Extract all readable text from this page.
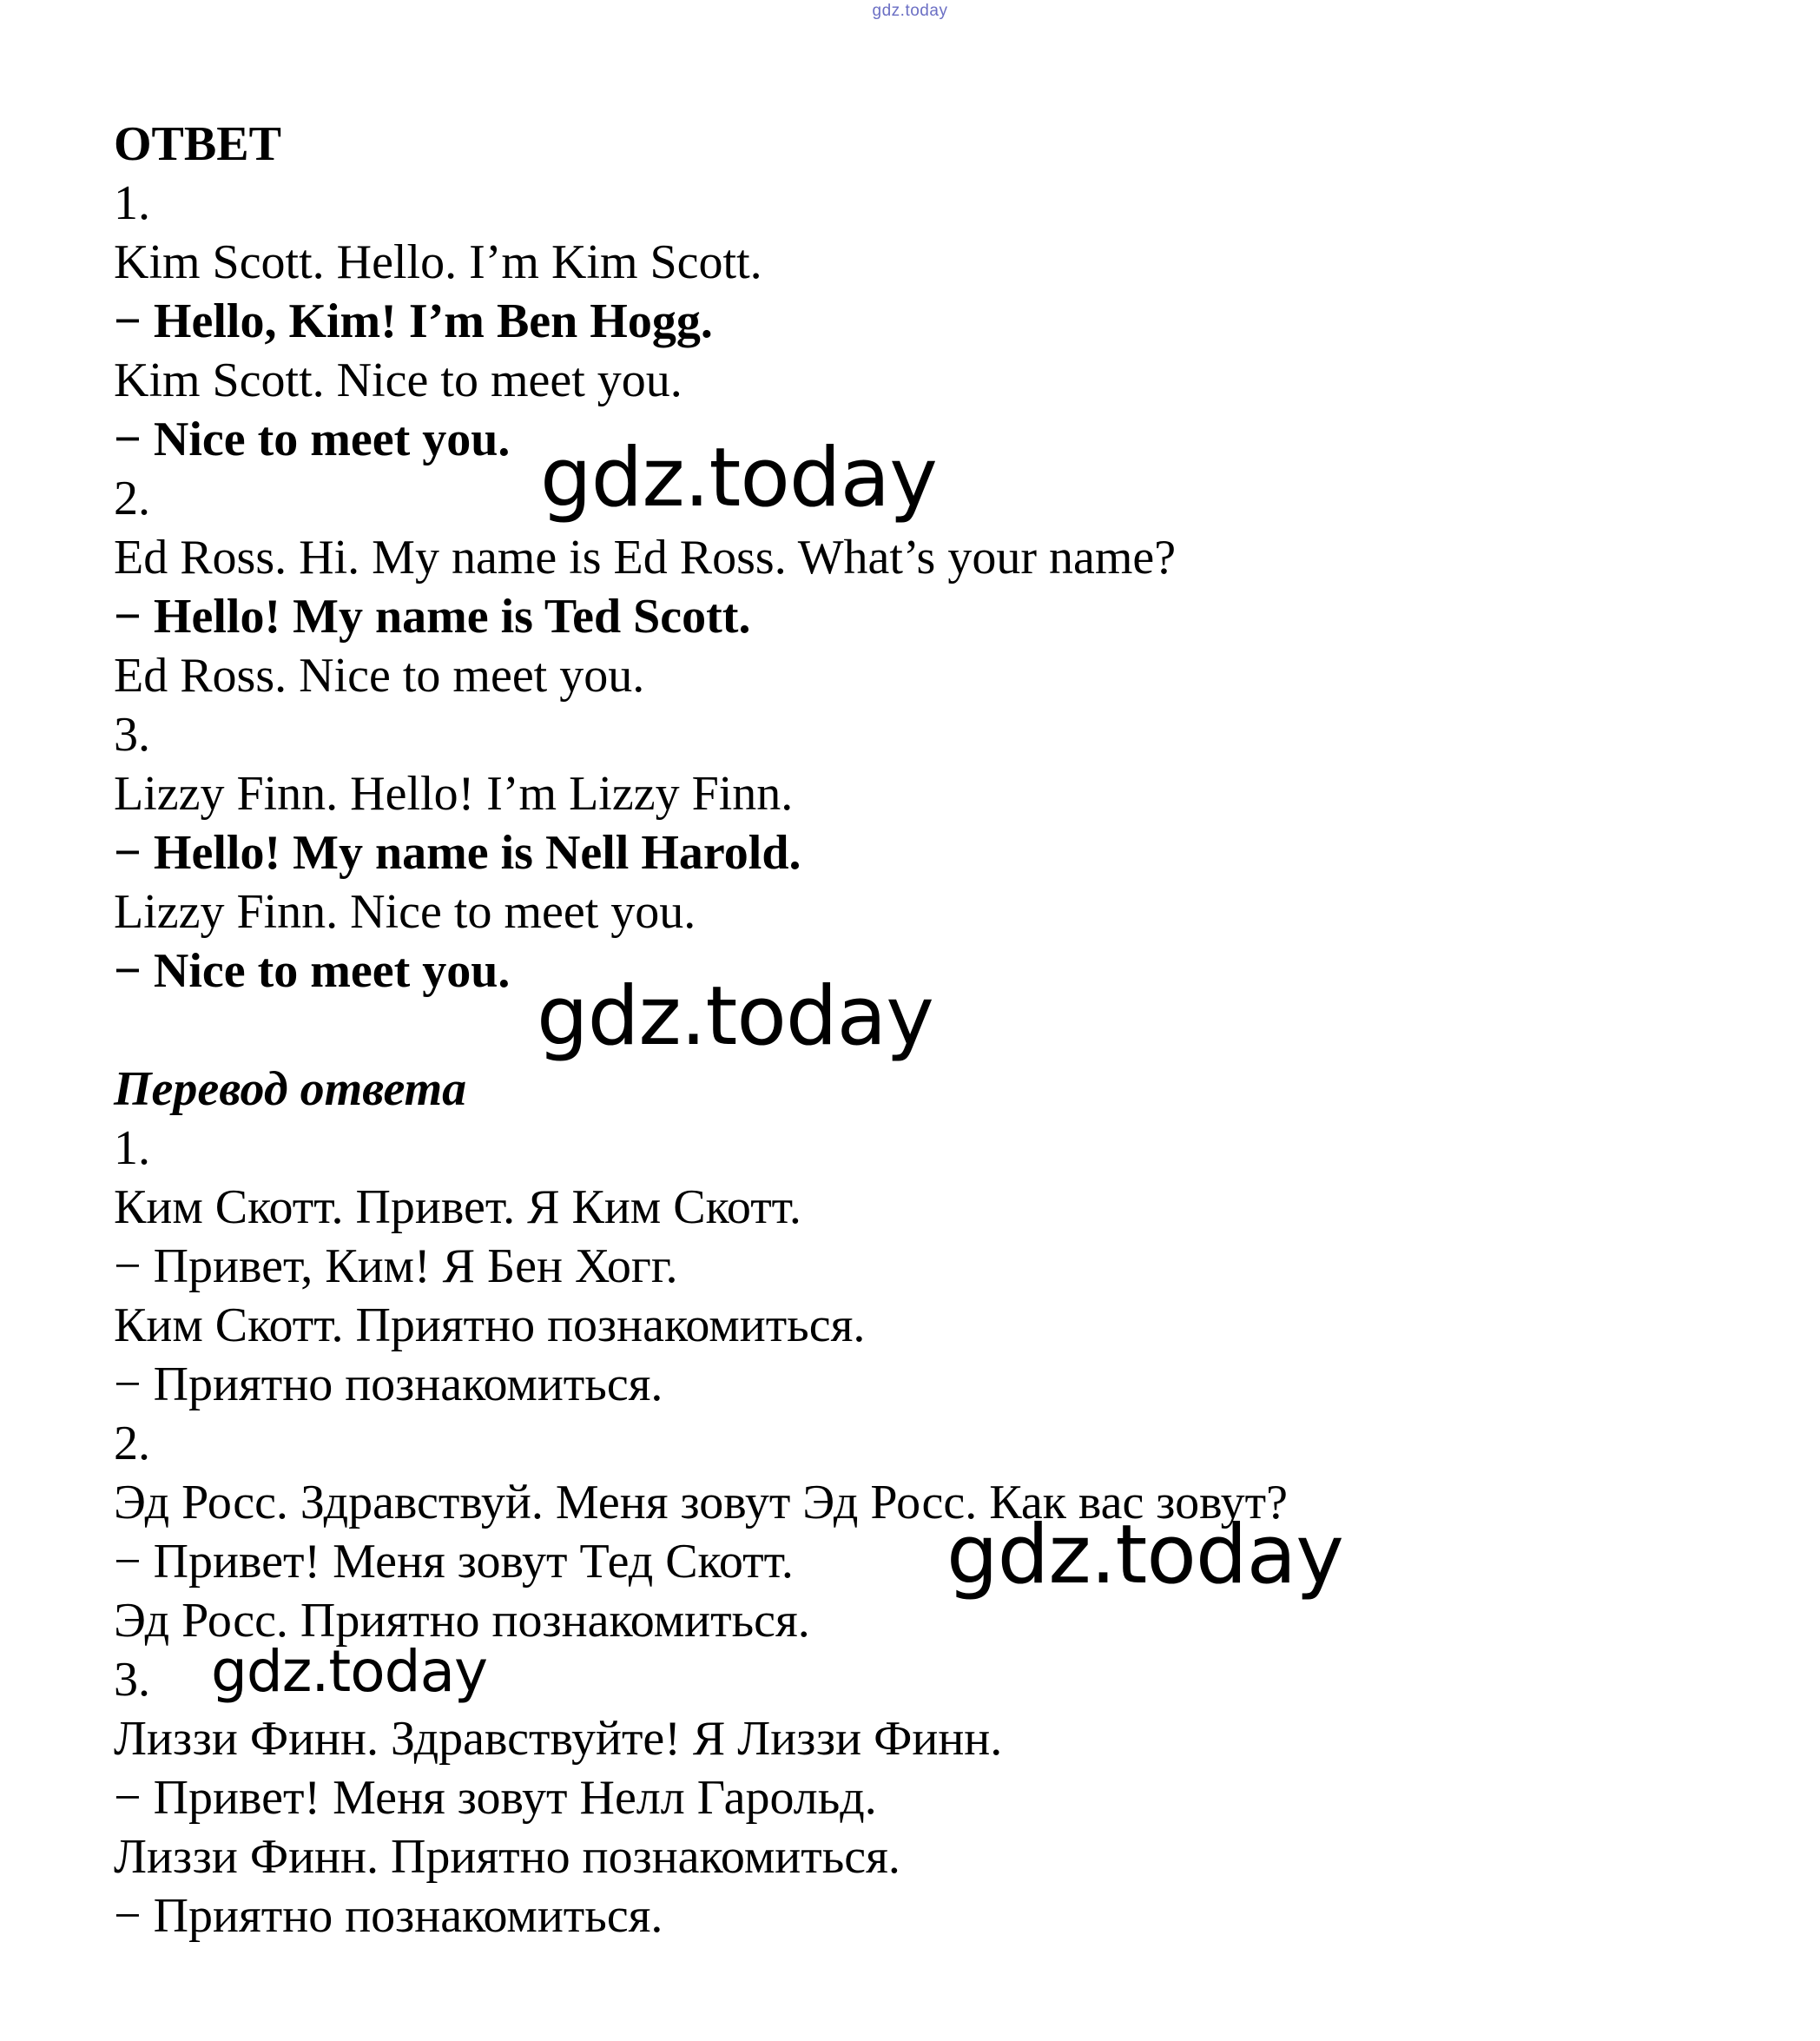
gdz.today
ОТВЕТ
1.
Kim Scott. Hello. I’m Kim Scott.
− Hello, Kim! I’m Ben Hogg.
Kim Scott. Nice to meet you.
− Nice to meet you.
2.
Ed Ross. Hi. My name is Ed Ross. What’s your name?
− Hello! My name is Ted Scott.
Ed Ross. Nice to meet you.
3.
Lizzy Finn. Hello! I’m Lizzy Finn.
− Hello! My name is Nell Harold.
Lizzy Finn. Nice to meet you.
− Nice to meet you.
Перевод ответа
1.
Ким Скотт. Привет. Я Ким Скотт.
− Привет, Ким! Я Бен Хогг.
Ким Скотт. Приятно познакомиться.
− Приятно познакомиться.
2.
Эд Росс. Здравствуй. Меня зовут Эд Росс. Как вас зовут?
− Привет! Меня зовут Тед Скотт.
Эд Росс. Приятно познакомиться.
3.
Лиззи Финн. Здравствуйте! Я Лиззи Финн.
− Привет! Меня зовут Нелл Гарольд.
Лиззи Финн. Приятно познакомиться.
− Приятно познакомиться.
gdz.today
gdz.today
gdz.today
gdz.today
